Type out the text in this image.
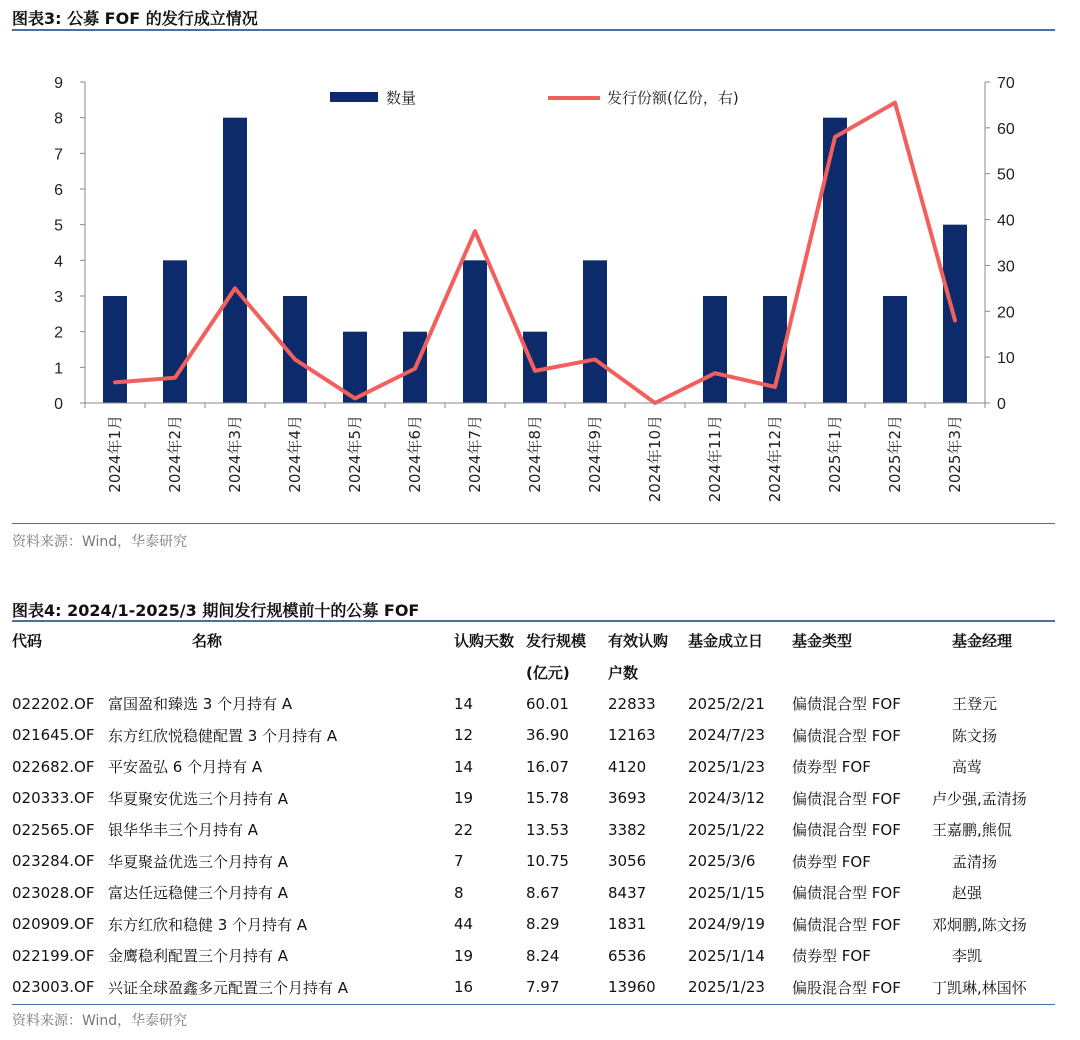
图表3: 公募 FOF 的发行成立情况
0
1
2
3
4
5
6
7
8
9
0
10
20
30
40
50
60
70
2024年1月	2024年2月	2024年3月	2024年4月	2024年5月	2024年6月	2024年7月	2024年8月	2024年9月	2024年10月	2024年11月	2024年12月	2025年1月	2025年2月	2025年3月
数量	发行份额(亿份，右)
资料来源：Wind，华泰研究
图表4: 2024/1-2025/3 期间发行规模前十的公募 FOF
代码	名称	认购天数	发行规模	有效认购	基金成立日	基金类型	基金经理
			(亿元)	户数			
022202.OF	富国盈和臻选 3 个月持有 A	14	60.01	22833	2025/2/21	偏债混合型 FOF	王登元
021645.OF	东方红欣悦稳健配置 3 个月持有 A	12	36.90	12163	2024/7/23	偏债混合型 FOF	陈文扬
022682.OF	平安盈弘 6 个月持有 A	14	16.07	4120	2025/1/23	债券型 FOF	高莺
020333.OF	华夏聚安优选三个月持有 A	19	15.78	3693	2024/3/12	偏债混合型 FOF	卢少强,孟清扬
022565.OF	银华华丰三个月持有 A	22	13.53	3382	2025/1/22	偏债混合型 FOF	王嘉鹏,熊侃
023284.OF	华夏聚益优选三个月持有 A	7	10.75	3056	2025/3/6	债券型 FOF	孟清扬
023028.OF	富达任远稳健三个月持有 A	8	8.67	8437	2025/1/15	偏债混合型 FOF	赵强
020909.OF	东方红欣和稳健 3 个月持有 A	44	8.29	1831	2024/9/19	偏债混合型 FOF	邓炯鹏,陈文扬
022199.OF	金鹰稳利配置三个月持有 A	19	8.24	6536	2025/1/14	债券型 FOF	李凯
023003.OF	兴证全球盈鑫多元配置三个月持有 A	16	7.97	13960	2025/1/23	偏股混合型 FOF	丁凯琳,林国怀
资料来源：Wind，华泰研究
